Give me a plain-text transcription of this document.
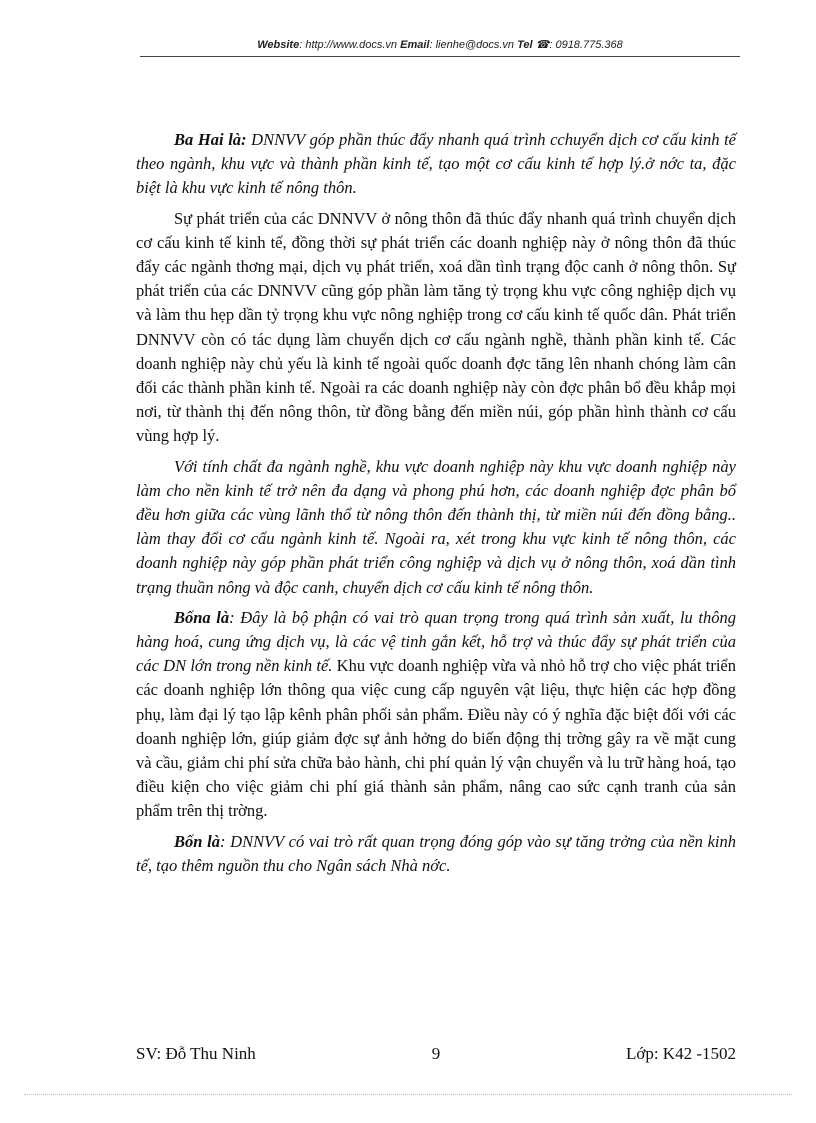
Website: http://www.docs.vn Email: lienhe@docs.vn Tel ☎: 0918.775.368

Ba Hai là: DNNVV góp phần thúc đẩy nhanh quá trình cchuyển dịch cơ cấu kinh tế theo ngành, khu vực và thành phần kinh tế, tạo một cơ cấu kinh tế hợp lý.ở nớc ta, đặc biệt là khu vực kinh tế nông thôn.

Sự phát triển của các DNNVV ở nông thôn đã thúc đẩy nhanh quá trình chuyển dịch cơ cấu kinh tế kinh tế, đồng thời sự phát triển các doanh nghiệp này ở nông thôn đã thúc đẩy các ngành thơng mại, dịch vụ phát triển, xoá dần tình trạng độc canh ở nông thôn. Sự phát triển của các DNNVV cũng góp phần làm tăng tỷ trọng khu vực công nghiệp dịch vụ và làm thu hẹp dần tỷ trọng khu vực nông nghiệp trong cơ cấu kinh tế quốc dân. Phát triển DNNVV còn có tác dụng làm chuyển dịch cơ cấu ngành nghề, thành phần kinh tế. Các doanh nghiệp này chủ yếu là kinh tế ngoài quốc doanh đợc tăng lên nhanh chóng làm cân đối các thành phần kinh tế. Ngoài ra các doanh nghiệp này còn đợc phân bổ đều khắp mọi nơi, từ thành thị đến nông thôn, từ đồng bằng đến miền núi, góp phần hình thành cơ cấu vùng hợp lý.

Với tính chất đa ngành nghề, khu vực doanh nghiệp này khu vực doanh nghiệp này làm cho nền kinh tế trở nên đa dạng và phong phú hơn, các doanh nghiệp đợc phân bổ đều hơn giữa các vùng lãnh thổ từ nông thôn đến thành thị, từ miền núi đến đồng bằng.. làm thay đổi cơ cấu ngành kinh tế. Ngoài ra, xét trong khu vực kinh tế nông thôn, các doanh nghiệp này góp phần phát triển công nghiệp và dịch vụ ở nông thôn, xoá dần tình trạng thuần nông và độc canh, chuyển dịch cơ cấu kinh tế nông thôn.

Bốna là: Đây là bộ phận có vai trò quan trọng trong quá trình sản xuất, lu thông hàng hoá, cung ứng dịch vụ, là các vệ tinh gắn kết, hỗ trợ và thúc đẩy sự phát triển của các DN lớn trong nền kinh tế. Khu vực doanh nghiệp vừa và nhỏ hỗ trợ cho việc phát triển các doanh nghiệp lớn thông qua việc cung cấp nguyên vật liệu, thực hiện các hợp đồng phụ, làm đại lý tạo lập kênh phân phối sản phẩm. Điều này có ý nghĩa đặc biệt đối với các doanh nghiệp lớn, giúp giảm đợc sự ảnh hởng do biến động thị trờng gây ra về mặt cung và cầu, giảm chi phí sửa chữa bảo hành, chi phí quản lý vận chuyển và lu trữ hàng hoá, tạo điều kiện cho việc giảm chi phí giá thành sản phẩm, nâng cao sức cạnh tranh của sản phẩm trên thị trờng.

Bốn là: DNNVV có vai trò rất quan trọng đóng góp vào sự tăng trởng của nền kinh tế, tạo thêm nguồn thu cho Ngân sách Nhà nớc.

SV: Đỗ Thu Ninh	9	Lớp: K42 -1502
